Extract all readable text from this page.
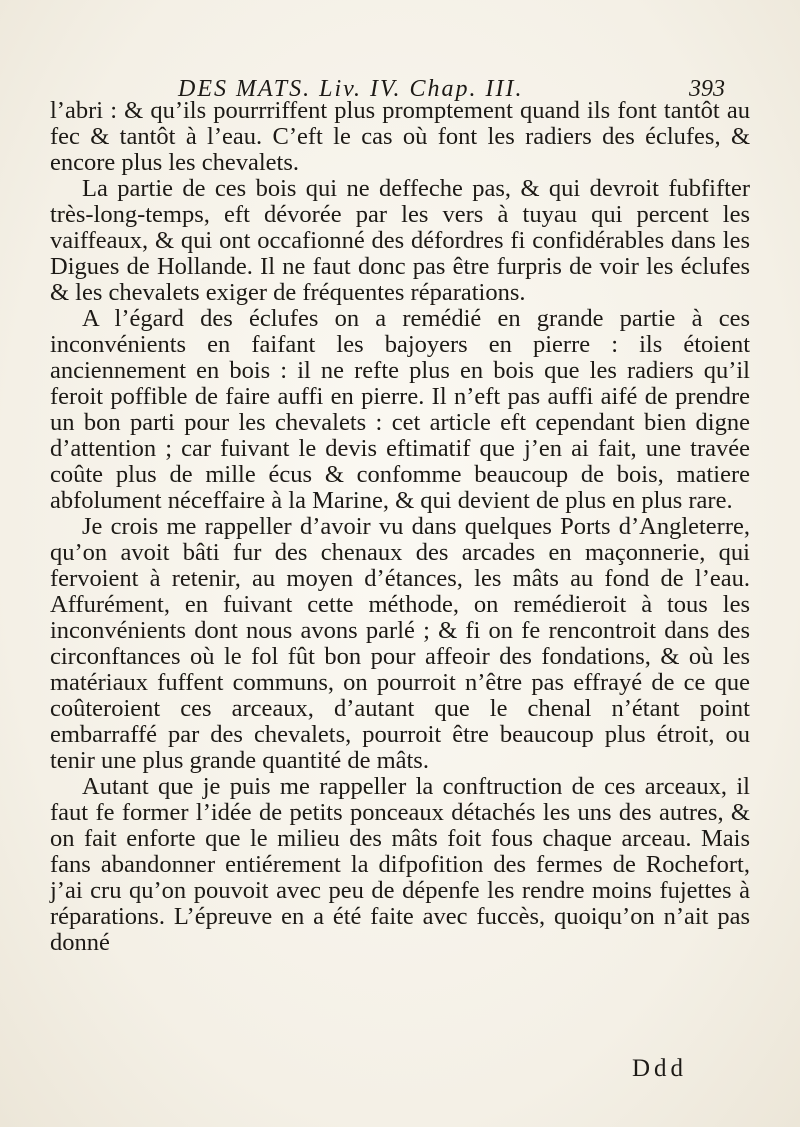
DES MATS. Liv. IV. Chap. III.	393

l’abri : & qu’ils pourrriffent plus promptement quand ils font tantôt au fec & tantôt à l’eau. C’eft le cas où font les radiers des éclufes, & encore plus les chevalets.

La partie de ces bois qui ne deffeche pas, & qui devroit fubfifter très-long-temps, eft dévorée par les vers à tuyau qui percent les vaiffeaux, & qui ont occafionné des défordres fi confidérables dans les Digues de Hollande. Il ne faut donc pas être furpris de voir les éclufes & les chevalets exiger de fréquentes réparations.

A l’égard des éclufes on a remédié en grande partie à ces inconvénients en faifant les bajoyers en pierre : ils étoient anciennement en bois : il ne refte plus en bois que les radiers qu’il feroit poffible de faire auffi en pierre. Il n’eft pas auffi aifé de prendre un bon parti pour les chevalets : cet article eft cependant bien digne d’attention ; car fuivant le devis eftimatif que j’en ai fait, une travée coûte plus de mille écus & confomme beaucoup de bois, matiere abfolument néceffaire à la Marine, & qui devient de plus en plus rare.

Je crois me rappeller d’avoir vu dans quelques Ports d’Angleterre, qu’on avoit bâti fur des chenaux des arcades en maçonnerie, qui fervoient à retenir, au moyen d’étances, les mâts au fond de l’eau. Affurément, en fuivant cette méthode, on remédieroit à tous les inconvénients dont nous avons parlé ; & fi on fe rencontroit dans des circonftances où le fol fût bon pour affeoir des fondations, & où les matériaux fuffent communs, on pourroit n’être pas effrayé de ce que coûteroient ces arceaux, d’autant que le chenal n’étant point embarraffé par des chevalets, pourroit être beaucoup plus étroit, ou tenir une plus grande quantité de mâts.

Autant que je puis me rappeller la conftruction de ces arceaux, il faut fe former l’idée de petits ponceaux détachés les uns des autres, & on fait enforte que le milieu des mâts foit fous chaque arceau. Mais fans abandonner entiérement la difpofition des fermes de Rochefort, j’ai cru qu’on pouvoit avec peu de dépenfe les rendre moins fujettes à réparations. L’épreuve en a été faite avec fuccès, quoiqu’on n’ait pas donné

Ddd
